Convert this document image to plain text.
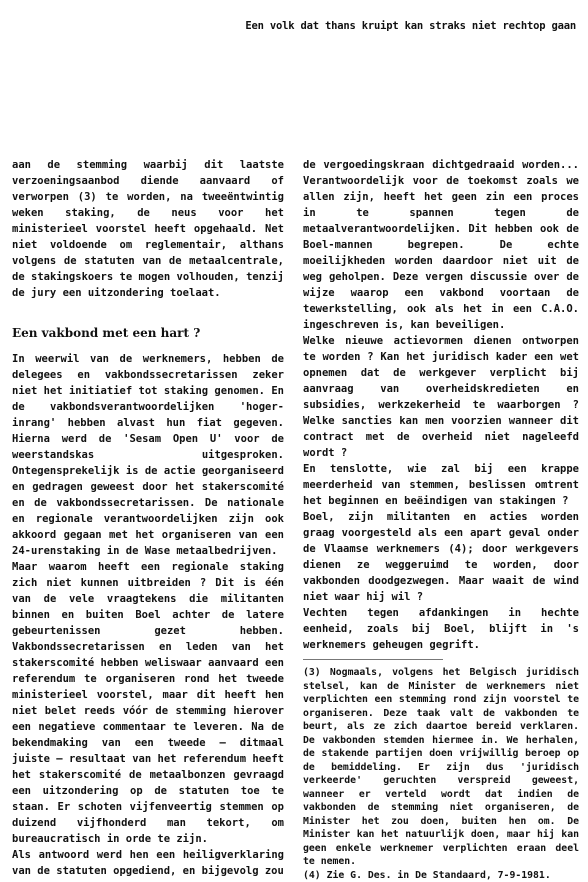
Een volk dat thans kruipt kan straks niet rechtop gaan

aan de stemming waarbij dit laatste verzoeningsaanbod diende aanvaard of verworpen (3) te worden, na tweeëntwintig weken staking, de neus voor het ministerieel voorstel heeft opgehaald. Net niet voldoende om reglementair, althans volgens de statuten van de metaalcentrale, de stakingskoers te mogen volhouden, tenzij de jury een uitzondering toelaat.

Een vakbond met een hart ?

In weerwil van de werknemers, hebben de delegees en vakbondssecretarissen zeker niet het initiatief tot staking genomen. En de vakbondsverantwoordelijken 'hoger-inrang' hebben alvast hun fiat gegeven. Hierna werd de 'Sesam Open U' voor de weerstandskas uitgesproken. Ontegensprekelijk is de actie georganiseerd en gedragen geweest door het stakerscomité en de vakbondssecretarissen. De nationale en regionale verantwoordelijken zijn ook akkoord gegaan met het organiseren van een 24-urenstaking in de Wase metaalbedrijven.

Maar waarom heeft een regionale staking zich niet kunnen uitbreiden ? Dit is één van de vele vraagtekens die militanten binnen en buiten Boel achter de latere gebeurtenissen gezet hebben. Vakbondssecretarissen en leden van het stakerscomité hebben weliswaar aanvaard een referendum te organiseren rond het tweede ministerieel voorstel, maar dit heeft hen niet belet reeds vóór de stemming hierover een negatieve commentaar te leveren. Na de bekendmaking van een tweede — ditmaal juiste — resultaat van het referendum heeft het stakerscomité de metaalbonzen gevraagd een uitzondering op de statuten toe te staan. Er schoten vijfenveertig stemmen op duizend vijfhonderd man tekort, om bureaucratisch in orde te zijn.

Als antwoord werd hen een heiligverklaring van de statuten opgediend, en bijgevolg zou

de vergoedingskraan dichtgedraaid worden... Verantwoordelijk voor de toekomst zoals we allen zijn, heeft het geen zin een proces in te spannen tegen de metaalverantwoordelijken. Dit hebben ook de Boel-mannen begrepen. De echte moeilijkheden worden daardoor niet uit de weg geholpen. Deze vergen discussie over de wijze waarop een vakbond voortaan de tewerkstelling, ook als het in een C.A.O. ingeschreven is, kan beveiligen.

Welke nieuwe actievormen dienen ontworpen te worden ? Kan het juridisch kader een wet opnemen dat de werkgever verplicht bij aanvraag van overheidskredieten en subsidies, werkzekerheid te waarborgen ? Welke sancties kan men voorzien wanneer dit contract met de overheid niet nageleefd wordt ?

En tenslotte, wie zal bij een krappe meerderheid van stemmen, beslissen omtrent het beginnen en beëindigen van stakingen ?

Boel, zijn militanten en acties worden graag voorgesteld als een apart geval onder de Vlaamse werknemers (4); door werkgevers dienen ze weggeruimd te worden, door vakbonden doodgezwegen. Maar waait de wind niet waar hij wil ?

Vechten tegen afdankingen in hechte eenheid, zoals bij Boel, blijft in 's werknemers geheugen gegrift.

(3) Nogmaals, volgens het Belgisch juridisch stelsel, kan de Minister de werknemers niet verplichten een stemming rond zijn voorstel te organiseren. Deze taak valt de vakbonden te beurt, als ze zich daartoe bereid verklaren. De vakbonden stemden hiermee in. We herhalen, de stakende partijen doen vrijwillig beroep op de bemiddeling. Er zijn dus 'juridisch verkeerde' geruchten verspreid geweest, wanneer er verteld wordt dat indien de vakbonden de stemming niet organiseren, de Minister het zou doen, buiten hen om. De Minister kan het natuurlijk doen, maar hij kan geen enkele werknemer verplichten eraan deel te nemen.

(4) Zie G. Des. in De Standaard, 7-9-1981.
